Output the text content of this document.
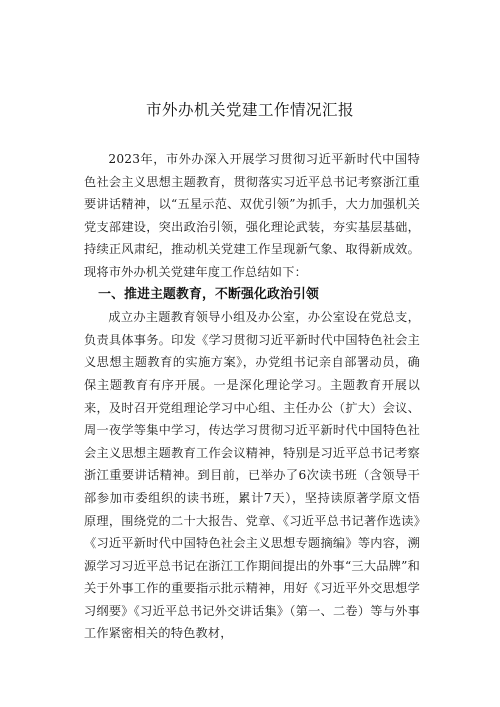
市外办机关党建工作情况汇报

2023年，市外办深入开展学习贯彻习近平新时代中国特色社会主义思想主题教育，贯彻落实习近平总书记考察浙江重要讲话精神，以“五星示范、双优引领”为抓手，大力加强机关党支部建设，突出政治引领，强化理论武装，夯实基层基础，持续正风肃纪，推动机关党建工作呈现新气象、取得新成效。现将市外办机关党建年度工作总结如下：

一、推进主题教育，不断强化政治引领

成立办主题教育领导小组及办公室，办公室设在党总支，负责具体事务。印发《学习贯彻习近平新时代中国特色社会主义思想主题教育的实施方案》，办党组书记亲自部署动员，确保主题教育有序开展。一是深化理论学习。主题教育开展以来，及时召开党组理论学习中心组、主任办公（扩大）会议、周一夜学等集中学习，传达学习贯彻习近平新时代中国特色社会主义思想主题教育工作会议精神，特别是习近平总书记考察浙江重要讲话精神。到目前，已举办了6次读书班（含领导干部参加市委组织的读书班，累计7天），坚持读原著学原文悟原理，围绕党的二十大报告、党章、《习近平总书记著作选读》《习近平新时代中国特色社会主义思想专题摘编》等内容，溯源学习习近平总书记在浙江工作期间提出的外事“三大品牌”和关于外事工作的重要指示批示精神，用好《习近平外交思想学习纲要》《习近平总书记外交讲话集》（第一、二卷）等与外事工作紧密相关的特色教材，
